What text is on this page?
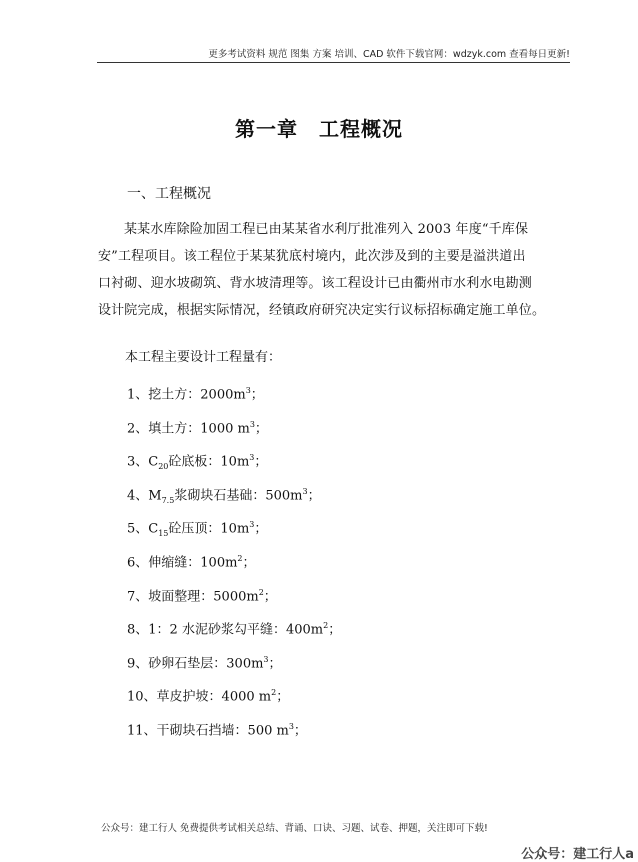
更多考试资料 规范 图集 方案 培训、CAD 软件下载官网：wdzyk.com 查看每日更新!
第一章　工程概况
一、工程概况
某某水库除险加固工程已由某某省水利厅批准列入 2003 年度“千库保
安”工程项目。该工程位于某某犹底村境内，此次涉及到的主要是溢洪道出
口衬砌、迎水坡砌筑、背水坡清理等。该工程设计已由衢州市水利水电勘测
设计院完成，根据实际情况，经镇政府研究决定实行议标招标确定施工单位。
本工程主要设计工程量有：
1、挖土方：$2000m^3$；
2、填土方：1000 $m^3$；
3、$C_{20}$砼底板：$10m^3$；
4、$M_{7.5}$浆砌块石基础：$500m^3$；
5、$C_{15}$砼压顶：$10m^3$；
6、伸缩缝：$100m^2$；
7、坡面整理：$5000m^2$；
8、1：2 水泥砂浆勾平缝：$400m^2$；
9、砂卵石垫层：$300m^3$；
10、草皮护坡：4000 $m^2$；
11、干砌块石挡墙：500 $m^3$；
公众号：建工行人 免费提供考试相关总结、背诵、口诀、习题、试卷、押题，关注即可下载!
公众号：建工行人a
